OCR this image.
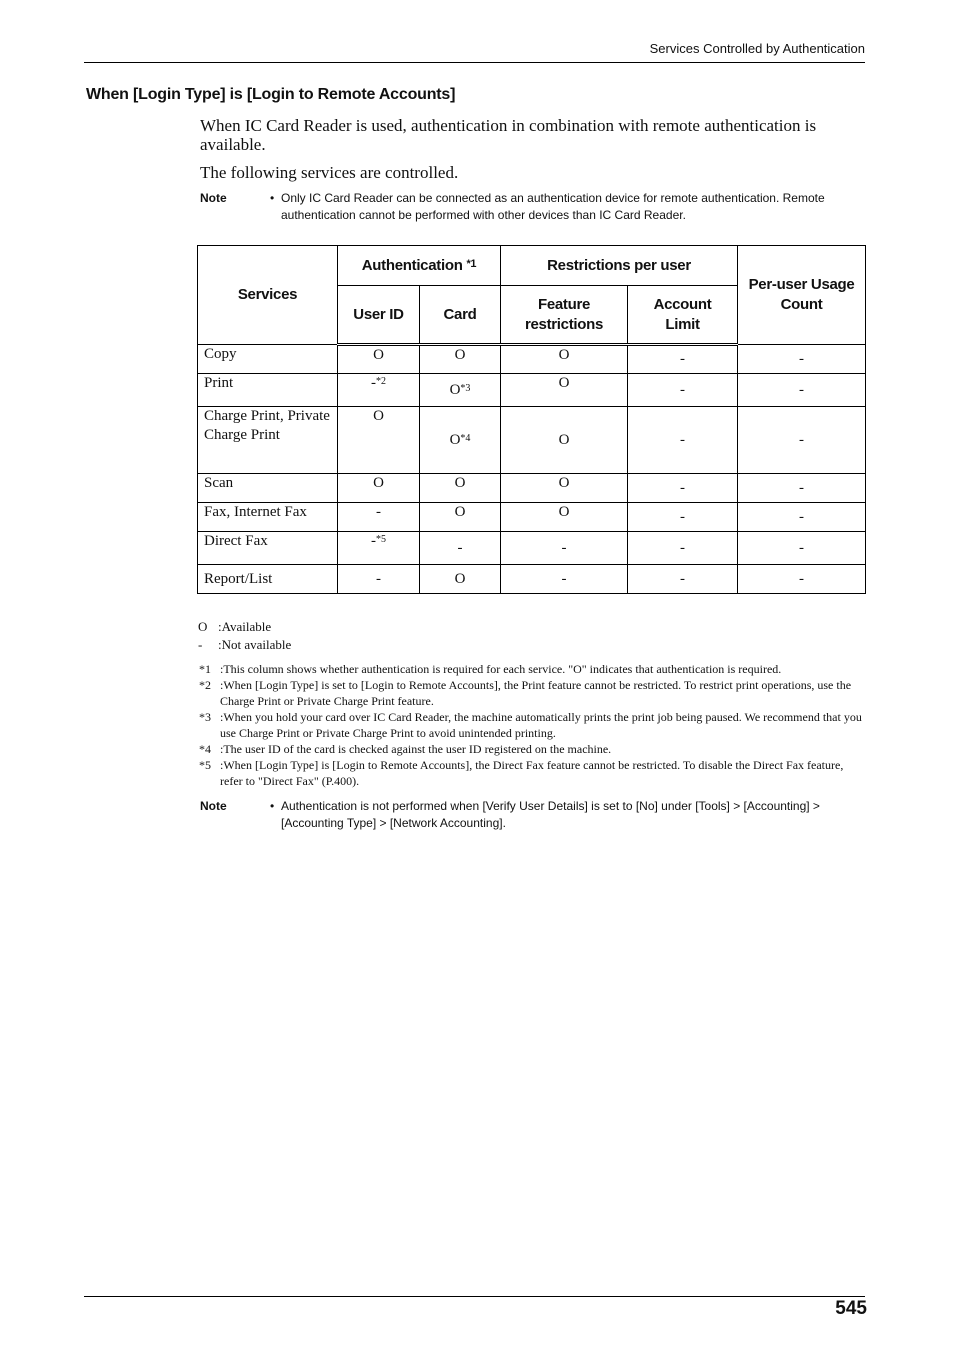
Services Controlled by Authentication
When [Login Type] is [Login to Remote Accounts]
When IC Card Reader is used, authentication in combination with remote authentication is available.
The following services are controlled.
Note	• Only IC Card Reader can be connected as an authentication device for remote authentication. Remote authentication cannot be performed with other devices than IC Card Reader.
Services	Authentication $^{*1}$		Restrictions per user		Per-user Usage Count
	User ID	Card	Feature restrictions	Account Limit	
Copy	O	O	O	-	-
Print	-$^{*2}$	$O^{*3}$	O	-	-
Charge Print, Private Charge Print	O	$O^{*4}$	O	-	-
Scan	O	O	O	-	-
Fax, Internet Fax	-	O	O	-	-
Direct Fax	-$^{*5}$	-	-	-	-
Report/List	-	O	-	-	-
O :Available
-	:Not available
*1 :This column shows whether authentication is required for each service. "O" indicates that authentication is required.
*2 :When [Login Type] is set to [Login to Remote Accounts], the Print feature cannot be restricted. To restrict print operations, use the Charge Print or Private Charge Print feature.
*3 :When you hold your card over IC Card Reader, the machine automatically prints the print job being paused. We recommend that you use Charge Print or Private Charge Print to avoid unintended printing.
*4 :The user ID of the card is checked against the user ID registered on the machine.
*5 :When [Login Type] is [Login to Remote Accounts], the Direct Fax feature cannot be restricted. To disable the Direct Fax feature, refer to "Direct Fax" (P.400).
Note	• Authentication is not performed when [Verify User Details] is set to [No] under [Tools] > [Accounting] > [Accounting Type] > [Network Accounting].
545
